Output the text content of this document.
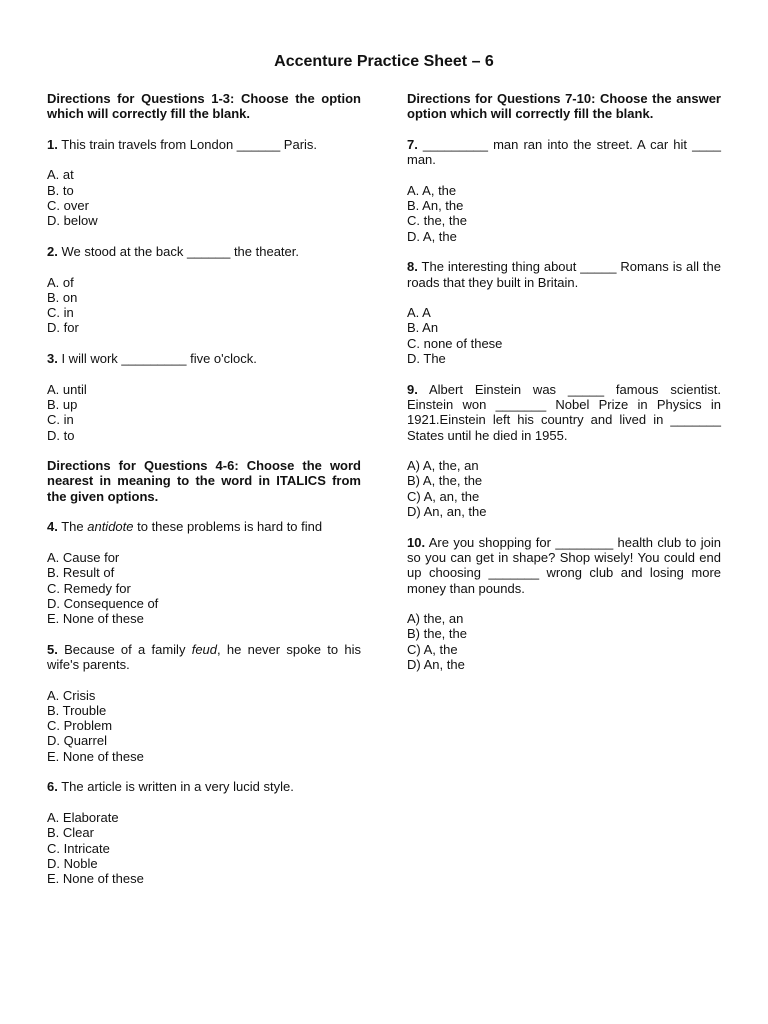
Accenture Practice Sheet – 6
Directions for Questions 1-3: Choose the option which will correctly fill the blank.
1. This train travels from London ______ Paris.
A. at
B. to
C. over
D. below
2. We stood at the back ______ the theater.
A. of
B. on
C. in
D. for
3. I will work _________ five o'clock.
A. until
B. up
C. in
D. to
Directions for Questions 4-6: Choose the word nearest in meaning to the word in ITALICS from the given options.
4. The antidote to these problems is hard to find
A. Cause for
B. Result of
C. Remedy for
D. Consequence of
E. None of these
5. Because of a family feud, he never spoke to his wife's parents.
A. Crisis
B. Trouble
C. Problem
D. Quarrel
E. None of these
6. The article is written in a very lucid style.
A. Elaborate
B. Clear
C. Intricate
D. Noble
E. None of these
Directions for Questions 7-10: Choose the answer option which will correctly fill the blank.
7. _________ man ran into the street. A car hit ____ man.
A. A, the
B. An, the
C. the, the
D. A, the
8. The interesting thing about _____ Romans is all the roads that they built in Britain.
A. A
B. An
C. none of these
D. The
9. Albert Einstein was _____ famous scientist. Einstein won _______ Nobel Prize in Physics in 1921.Einstein left his country and lived in _______ States until he died in 1955.
A) A, the, an
B) A, the, the
C) A, an, the
D) An, an, the
10. Are you shopping for ________ health club to join so you can get in shape? Shop wisely! You could end up choosing _______ wrong club and losing more money than pounds.
A) the, an
B) the, the
C) A, the
D) An, the
